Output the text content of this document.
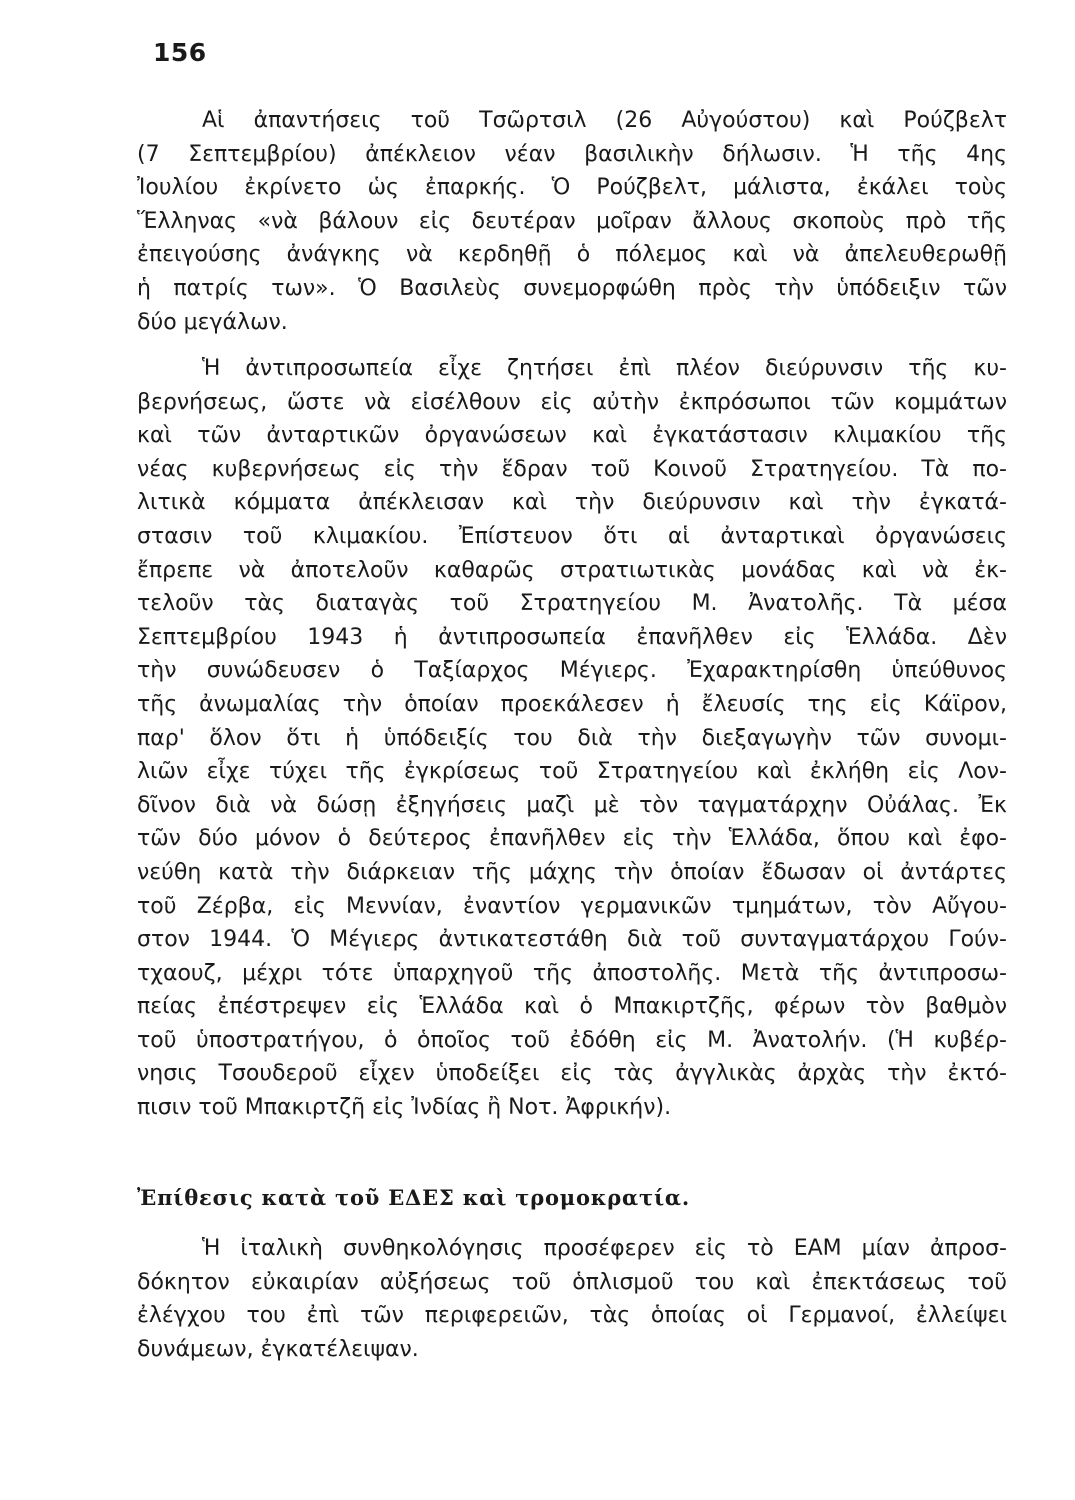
156
Αἱ ἀπαντήσεις τοῦ Τσῶρτσιλ (26 Αὐγούστου) καὶ Ρούζβελτ
(7 Σεπτεμβρίου) ἀπέκλειον νέαν βασιλικὴν δήλωσιν. Ἡ τῆς 4ης
Ἰουλίου ἐκρίνετο ὡς ἐπαρκής. Ὁ Ρούζβελτ, μάλιστα, ἐκάλει τοὺς
Ἕλληνας «νὰ βάλουν εἰς δευτέραν μοῖραν ἄλλους σκοποὺς πρὸ τῆς
ἐπειγούσης ἀνάγκης νὰ κερδηθῇ ὁ πόλεμος καὶ νὰ ἀπελευθερωθῇ
ἡ πατρίς των». Ὁ Βασιλεὺς συνεμορφώθη πρὸς τὴν ὑπόδειξιν τῶν
δύο μεγάλων.
Ἡ ἀντιπροσωπεία εἶχε ζητήσει ἐπὶ πλέον διεύρυνσιν τῆς κυ-
βερνήσεως, ὥστε νὰ εἰσέλθουν εἰς αὐτὴν ἐκπρόσωποι τῶν κομμάτων
καὶ τῶν ἀνταρτικῶν ὀργανώσεων καὶ ἐγκατάστασιν κλιμακίου τῆς
νέας κυβερνήσεως εἰς τὴν ἕδραν τοῦ Κοινοῦ Στρατηγείου. Τὰ πο-
λιτικὰ κόμματα ἀπέκλεισαν καὶ τὴν διεύρυνσιν καὶ τὴν ἐγκατά-
στασιν τοῦ κλιμακίου. Ἐπίστευον ὅτι αἱ ἀνταρτικαὶ ὀργανώσεις
ἔπρεπε νὰ ἀποτελοῦν καθαρῶς στρατιωτικὰς μονάδας καὶ νὰ ἐκ-
τελοῦν τὰς διαταγὰς τοῦ Στρατηγείου Μ. Ἀνατολῆς. Τὰ μέσα
Σεπτεμβρίου 1943 ἡ ἀντιπροσωπεία ἐπανῆλθεν εἰς Ἑλλάδα. Δὲν
τὴν συνώδευσεν ὁ Ταξίαρχος Μέγιερς. Ἐχαρακτηρίσθη ὑπεύθυνος
τῆς ἀνωμαλίας τὴν ὁποίαν προεκάλεσεν ἡ ἔλευσίς της εἰς Κάϊρον,
παρ' ὅλον ὅτι ἡ ὑπόδειξίς του διὰ τὴν διεξαγωγὴν τῶν συνομι-
λιῶν εἶχε τύχει τῆς ἐγκρίσεως τοῦ Στρατηγείου καὶ ἐκλήθη εἰς Λον-
δῖνον διὰ νὰ δώσῃ ἐξηγήσεις μαζὶ μὲ τὸν ταγματάρχην Οὐάλας. Ἐκ
τῶν δύο μόνον ὁ δεύτερος ἐπανῆλθεν εἰς τὴν Ἑλλάδα, ὅπου καὶ ἐφο-
νεύθη κατὰ τὴν διάρκειαν τῆς μάχης τὴν ὁποίαν ἔδωσαν οἱ ἀντάρτες
τοῦ Ζέρβα, εἰς Μεννίαν, ἐναντίον γερμανικῶν τμημάτων, τὸν Αὔγου-
στον 1944. Ὁ Μέγιερς ἀντικατεστάθη διὰ τοῦ συνταγματάρχου Γούν-
τχαουζ, μέχρι τότε ὑπαρχηγοῦ τῆς ἀποστολῆς. Μετὰ τῆς ἀντιπροσω-
πείας ἐπέστρεψεν εἰς Ἑλλάδα καὶ ὁ Μπακιρτζῆς, φέρων τὸν βαθμὸν
τοῦ ὑποστρατήγου, ὁ ὁποῖος τοῦ ἐδόθη εἰς Μ. Ἀνατολήν. (Ἡ κυβέρ-
νησις Τσουδεροῦ εἶχεν ὑποδείξει εἰς τὰς ἀγγλικὰς ἀρχὰς τὴν ἐκτό-
πισιν τοῦ Μπακιρτζῆ εἰς Ἰνδίας ἢ Νοτ. Ἀφρικήν).
Ἐπίθεσις κατὰ τοῦ ΕΔΕΣ καὶ τρομοκρατία.
Ἡ ἰταλικὴ συνθηκολόγησις προσέφερεν εἰς τὸ ΕΑΜ μίαν ἀπροσ-
δόκητον εὐκαιρίαν αὐξήσεως τοῦ ὁπλισμοῦ του καὶ ἐπεκτάσεως τοῦ
ἐλέγχου του ἐπὶ τῶν περιφερειῶν, τὰς ὁποίας οἱ Γερμανοί, ἐλλείψει
δυνάμεων, ἐγκατέλειψαν.
